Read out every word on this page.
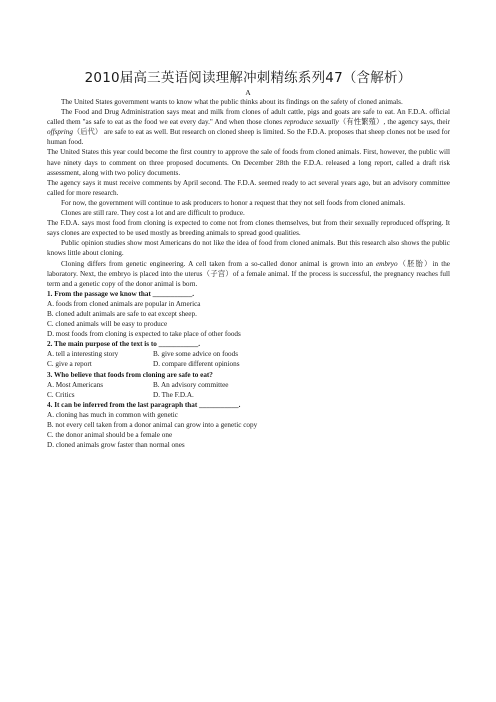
2010届高三英语阅读理解冲刺精练系列47（含解析）
A

The United States government wants to know what the public thinks about its findings on the safety of cloned animals.

The Food and Drug Administration says meat and milk from clones of adult cattle, pigs and goats are safe to eat. An F.D.A. official called them "as safe to eat as the food we eat every day." And when those clones reproduce sexually（有性繁殖）, the agency says, their offspring（后代） are safe to eat as well. But research on cloned sheep is limited. So the F.D.A. proposes that sheep clones not be used for human food.

The United States this year could become the first country to approve the sale of foods from cloned animals. First, however, the public will have ninety days to comment on three proposed documents. On December 28th the F.D.A. released a long report, called a draft risk assessment, along with two policy documents.

The agency says it must receive comments by April second. The F.D.A. seemed ready to act several years ago, but an advisory committee called for more research.

For now, the government will continue to ask producers to honor a request that they not sell foods from cloned animals.

Clones are still rare. They cost a lot and are difficult to produce.

The F.D.A. says most food from cloning is expected to come not from clones themselves, but from their sexually reproduced offspring. It says clones are expected to be used mostly as breeding animals to spread good qualities.

Public opinion studies show most Americans do not like the idea of food from cloned animals. But this research also shows the public knows little about cloning.

Cloning differs from genetic engineering. A cell taken from a so-called donor animal is grown into an embryo（胚胎）in the laboratory. Next, the embryo is placed into the uterus（子宫）of a female animal. If the process is successful, the pregnancy reaches full term and a genetic copy of the donor animal is born.

1. From the passage we know that ___________.

A. foods from cloned animals are popular in America

B. cloned adult animals are safe to eat except sheep.

C. cloned animals will be easy to produce

D. most foods from cloning is expected to take place of other foods

2. The main purpose of the text is to ___________.

A. tell a interesting story	B. give some advice on foods

C. give a report	D. compare different opinions

3. Who believe that foods from cloning are safe to eat?

A. Most Americans	B. An advisory committee

C. Critics	D. The F.D.A.

4. It can be inferred from the last paragraph that ___________.

A. cloning has much in common with genetic

B. not every cell taken from a donor animal can grow into a genetic copy

C. the donor animal should be a female one

D. cloned animals grow faster than normal ones
